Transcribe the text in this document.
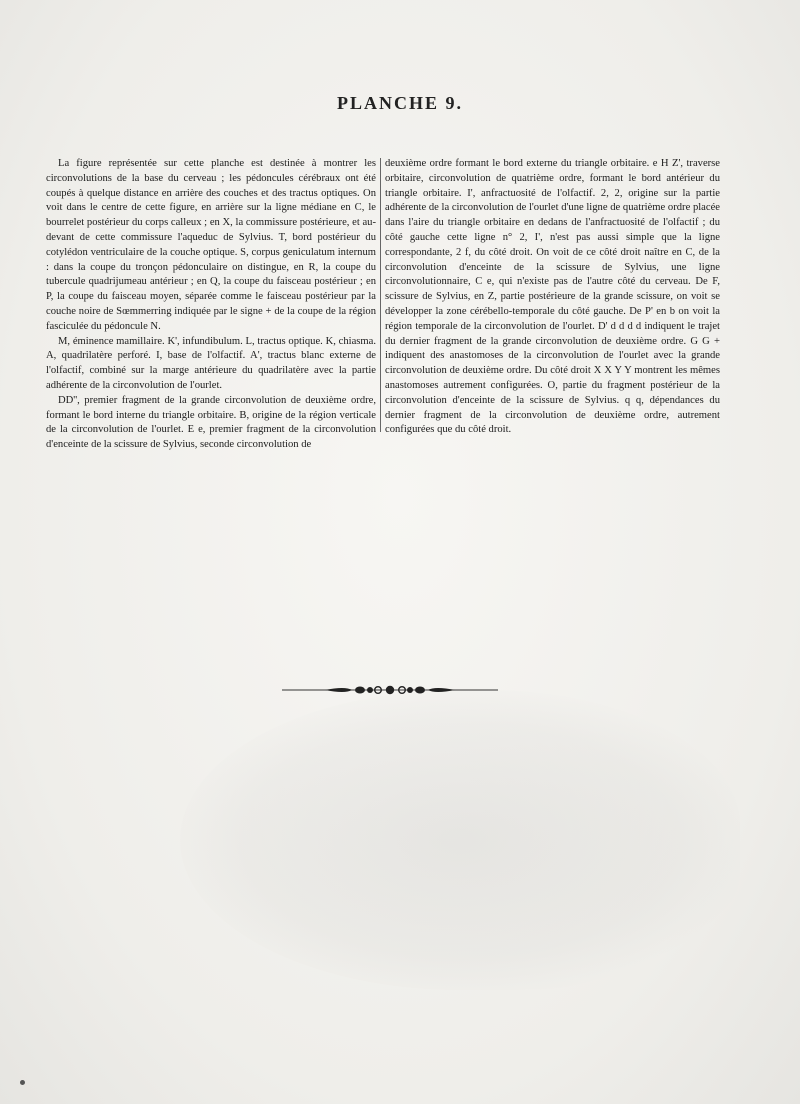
PLANCHE 9.

La figure représentée sur cette planche est destinée à montrer les circonvolutions de la base du cerveau ; les pédoncules cérébraux ont été coupés à quelque distance en arrière des couches et des tractus optiques. On voit dans le centre de cette figure, en arrière sur la ligne médiane en C, le bourrelet postérieur du corps calleux ; en X, la commissure postérieure, et au-devant de cette commissure l'aqueduc de Sylvius. T, bord postérieur du cotylédon ventriculaire de la couche optique. S, corpus geniculatum internum : dans la coupe du tronçon pédonculaire on distingue, en R, la coupe du tubercule quadrijumeau antérieur ; en Q, la coupe du faisceau postérieur ; en P, la coupe du faisceau moyen, séparée comme le faisceau postérieur par la couche noire de Sœmmerring indiquée par le signe + de la coupe de la région fasciculée du pédoncule N.

M, éminence mamillaire. K', infundibulum. L, tractus optique. K, chiasma. A, quadrilatère perforé. I, base de l'olfactif. A', tractus blanc externe de l'olfactif, combiné sur la marge antérieure du quadrilatère avec la partie adhérente de la circonvolution de l'ourlet.

DD'', premier fragment de la grande circonvolution de deuxième ordre, formant le bord interne du triangle orbitaire. B, origine de la région verticale de la circonvolution de l'ourlet. E e, premier fragment de la circonvolution d'enceinte de la scissure de Sylvius, seconde circonvolution de

deuxième ordre formant le bord externe du triangle orbitaire. e H Z', traverse orbitaire, circonvolution de quatrième ordre, formant le bord antérieur du triangle orbitaire. I', anfractuosité de l'olfactif. 2, 2, origine sur la partie adhérente de la circonvolution de l'ourlet d'une ligne de quatrième ordre placée dans l'aire du triangle orbitaire en dedans de l'anfractuosité de l'olfactif ; du côté gauche cette ligne n° 2, I', n'est pas aussi simple que la ligne correspondante, 2 f, du côté droit. On voit de ce côté droit naître en C, de la circonvolution d'enceinte de la scissure de Sylvius, une ligne circonvolutionnaire, C e, qui n'existe pas de l'autre côté du cerveau. De F, scissure de Sylvius, en Z, partie postérieure de la grande scissure, on voit se développer la zone cérébello-temporale du côté gauche. De P' en b on voit la région temporale de la circonvolution de l'ourlet. D' d d d d indiquent le trajet du dernier fragment de la grande circonvolution de deuxième ordre. G G + indiquent des anastomoses de la circonvolution de l'ourlet avec la grande circonvolution de deuxième ordre. Du côté droit X X Y Y montrent les mêmes anastomoses autrement configurées. O, partie du fragment postérieur de la circonvolution d'enceinte de la scissure de Sylvius. q q, dépendances du dernier fragment de la circonvolution de deuxième ordre, autrement configurées que du côté droit.
